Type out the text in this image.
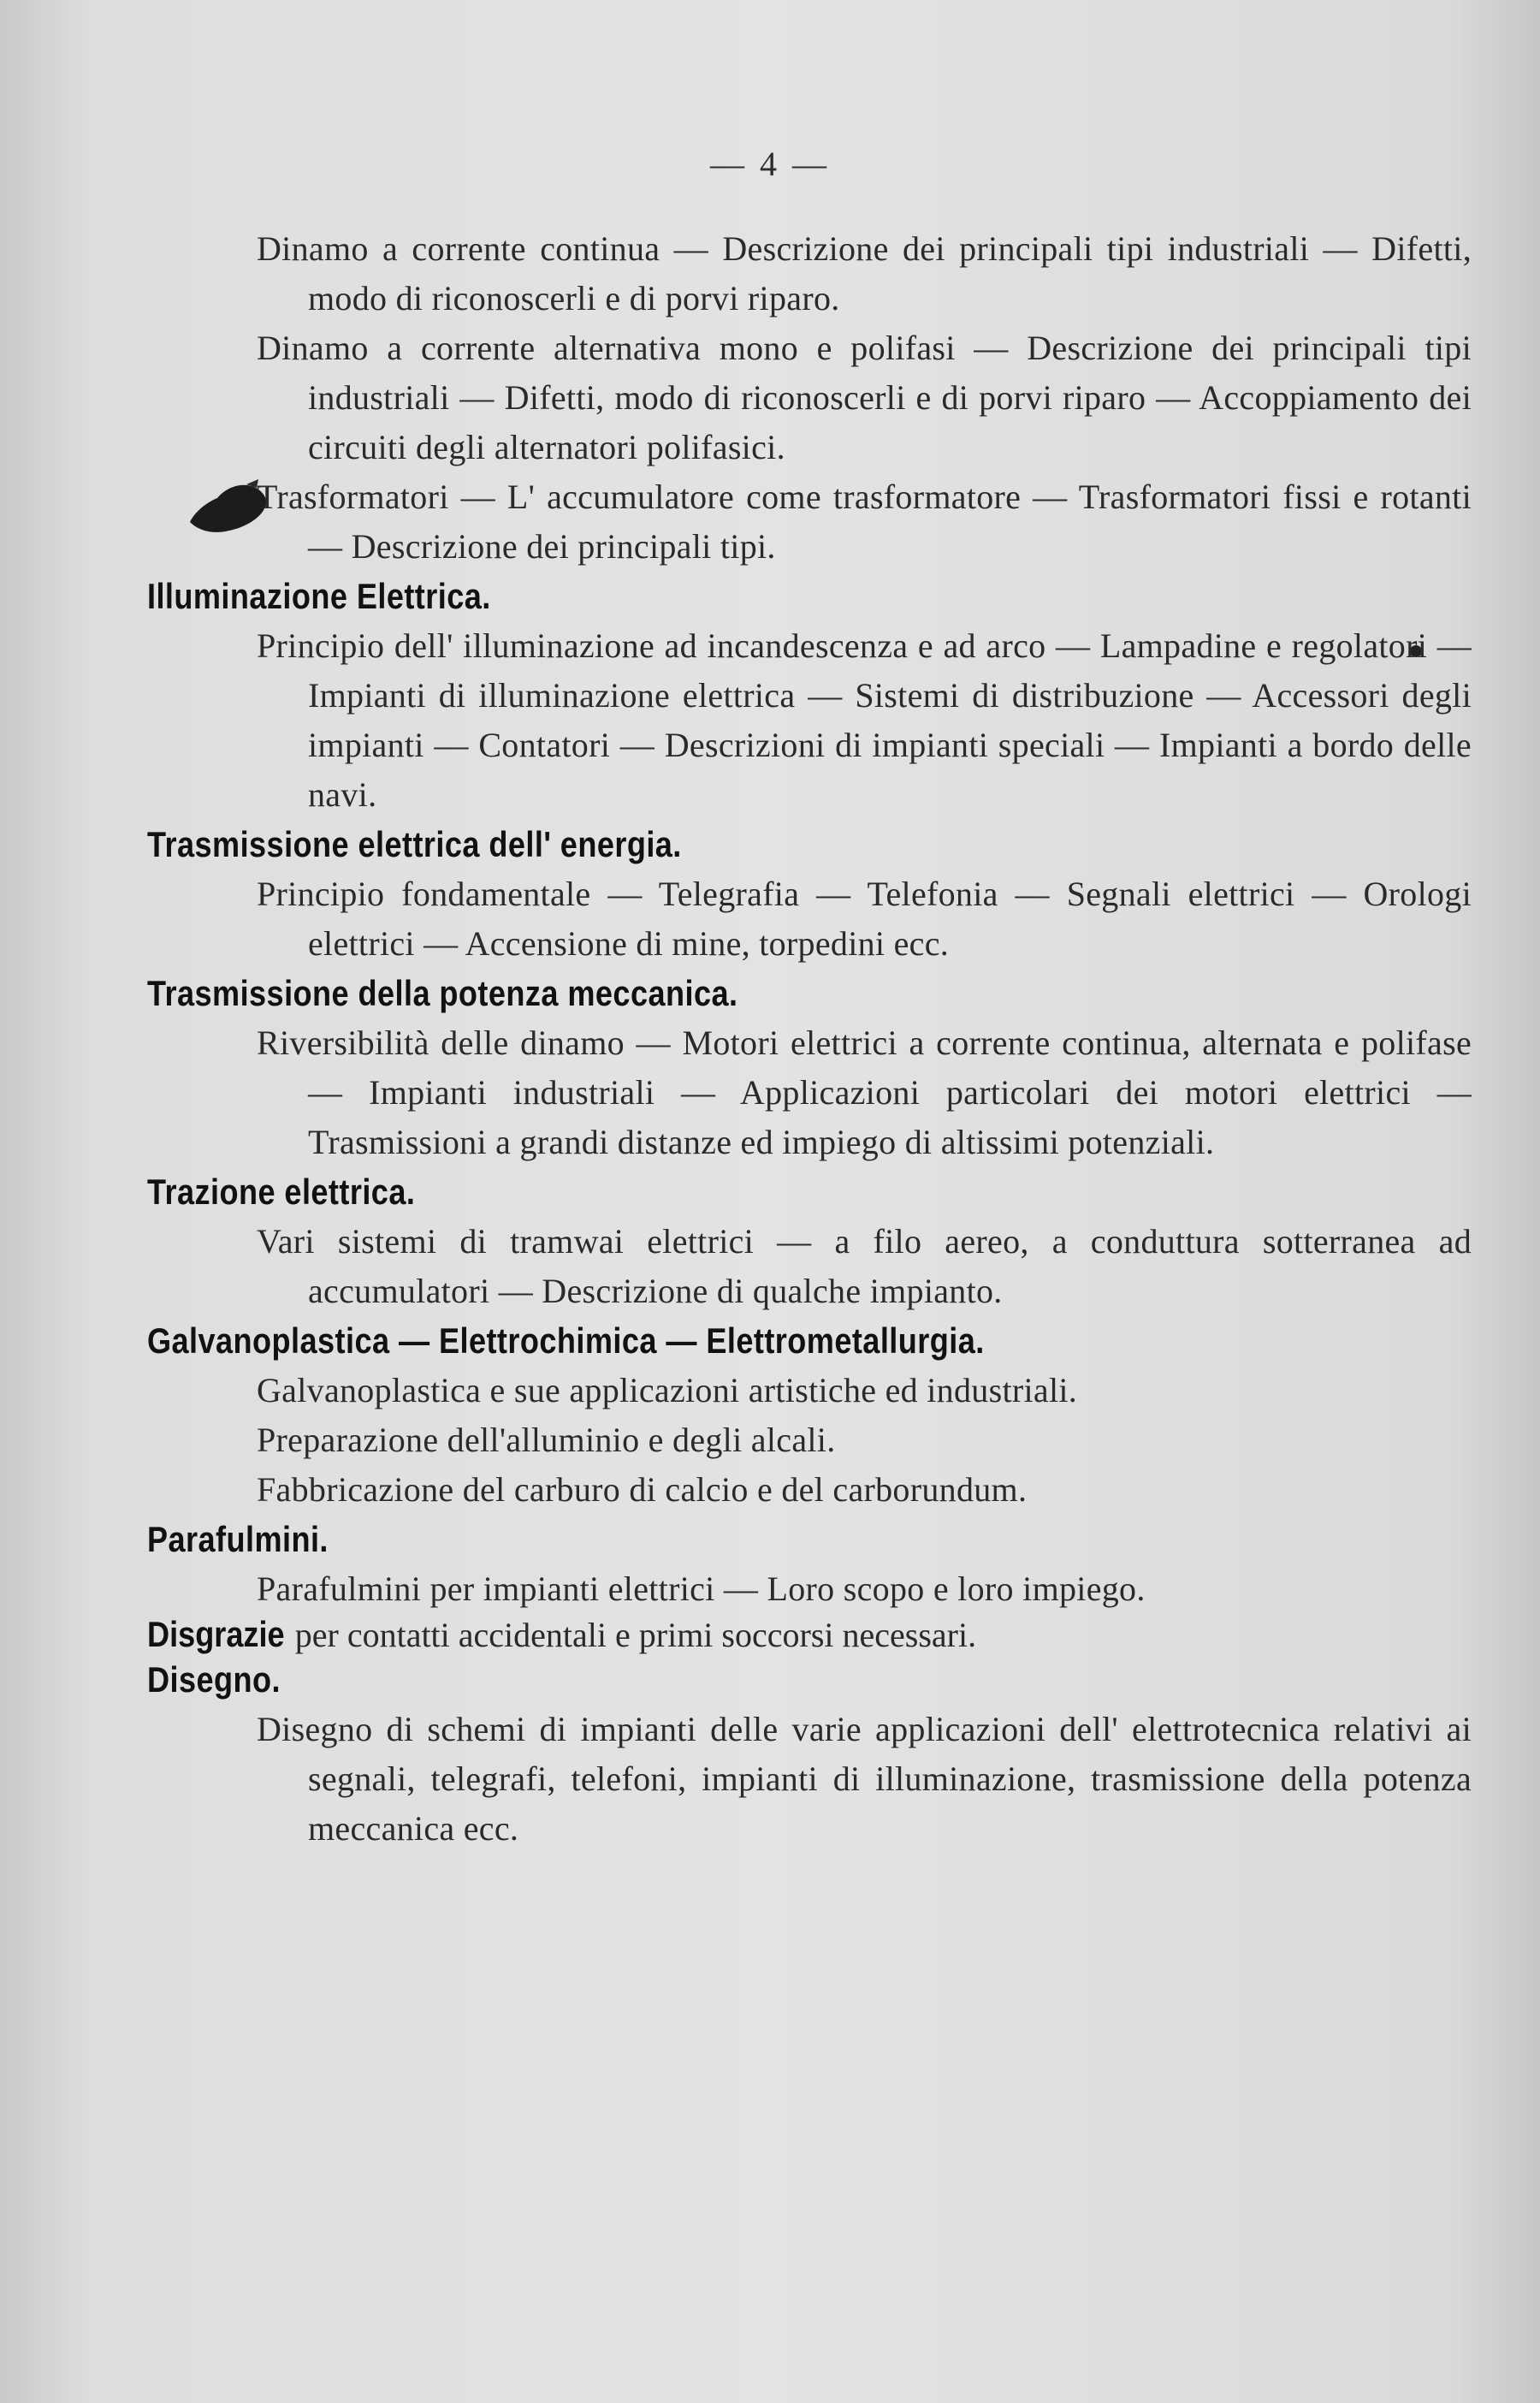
— 4 —

Dinamo a corrente continua — Descrizione dei principali tipi industriali — Difetti, modo di riconoscerli e di porvi riparo.

Dinamo a corrente alternativa mono e polifasi — Descrizione dei principali tipi industriali — Difetti, modo di riconoscerli e di porvi riparo — Accoppiamento dei circuiti degli alternatori polifasici.

Trasformatori — L' accumulatore come trasformatore — Trasformatori fissi e rotanti — Descrizione dei principali tipi.

Illuminazione Elettrica.

Principio dell' illuminazione ad incandescenza e ad arco — Lampadine e regolatori — Impianti di illuminazione elettrica — Sistemi di distribuzione — Accessori degli impianti — Contatori — Descrizioni di impianti speciali — Impianti a bordo delle navi.

Trasmissione elettrica dell' energia.

Principio fondamentale — Telegrafia — Telefonia — Segnali elettrici — Orologi elettrici — Accensione di mine, torpedini ecc.

Trasmissione della potenza meccanica.

Riversibilità delle dinamo — Motori elettrici a corrente continua, alternata e polifase — Impianti industriali — Applicazioni particolari dei motori elettrici — Trasmissioni a grandi distanze ed impiego di altissimi potenziali.

Trazione elettrica.

Vari sistemi di tramwai elettrici — a filo aereo, a conduttura sotterranea ad accumulatori — Descrizione di qualche impianto.

Galvanoplastica — Elettrochimica — Elettrometallurgia.

Galvanoplastica e sue applicazioni artistiche ed industriali.

Preparazione dell'alluminio e degli alcali.

Fabbricazione del carburo di calcio e del carborundum.

Parafulmini.

Parafulmini per impianti elettrici — Loro scopo e loro impiego.

Disgrazie per contatti accidentali e primi soccorsi necessari.
Disegno.

Disegno di schemi di impianti delle varie applicazioni dell' elettrotecnica relativi ai segnali, telegrafi, telefoni, impianti di illuminazione, trasmissione della potenza meccanica ecc.
